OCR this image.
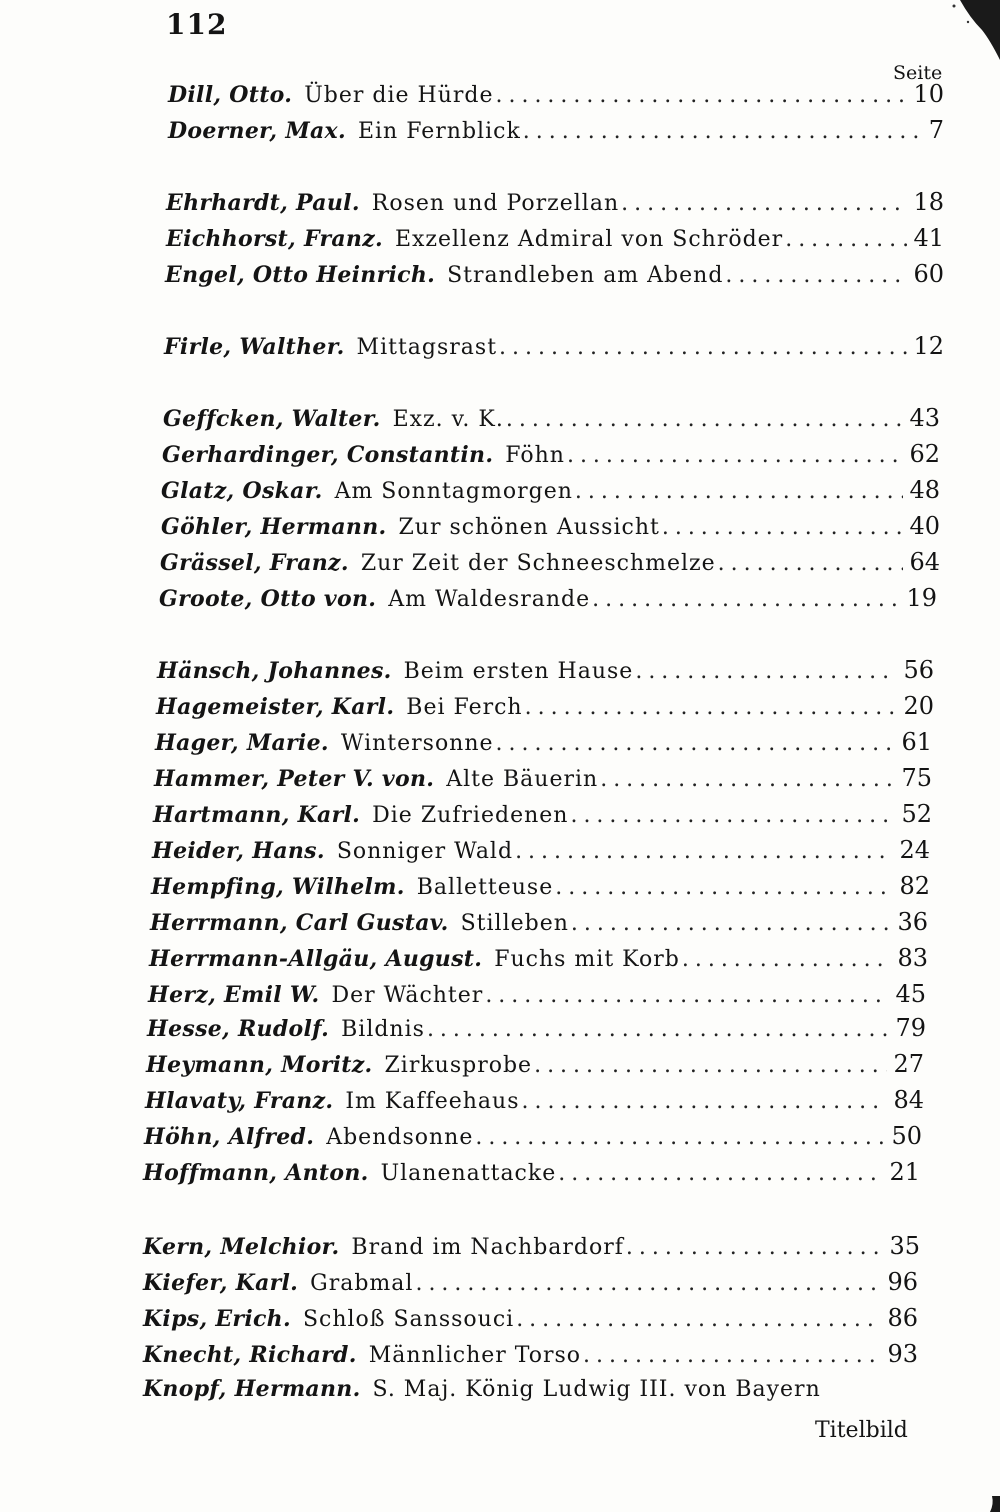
112
Seite
Dill, Otto. Über die Hürde . . .	10
Doerner, Max. Ein Fernblick . . .	7
Ehrhardt, Paul. Rosen und Porzellan . . .	18
Eichhorst, Franz. Exzellenz Admiral von Schröder . . .	41
Engel, Otto Heinrich. Strandleben am Abend . . .	60
Firle, Walther. Mittagsrast . . .	12
Geffcken, Walter. Exz. v. K. . . .	43
Gerhardinger, Constantin. Föhn . . .	62
Glatz, Oskar. Am Sonntagmorgen . . .	48
Göhler, Hermann. Zur schönen Aussicht . . .	40
Grässel, Franz. Zur Zeit der Schneeschmelze . . .	64
Groote, Otto von. Am Waldesrande . . .	19
Hänsch, Johannes. Beim ersten Hause . . .	56
Hagemeister, Karl. Bei Ferch . . .	20
Hager, Marie. Wintersonne . . .	61
Hammer, Peter V. von. Alte Bäuerin . . .	75
Hartmann, Karl. Die Zufriedenen . . .	52
Heider, Hans. Sonniger Wald . . .	24
Hempfing, Wilhelm. Balletteuse . . .	82
Herrmann, Carl Gustav. Stilleben . . .	36
Herrmann-Allgäu, August. Fuchs mit Korb . . .	83
Herz, Emil W. Der Wächter . . .	45
Hesse, Rudolf. Bildnis . . .	79
Heymann, Moritz. Zirkusprobe . . .	27
Hlavaty, Franz. Im Kaffeehaus . . .	84
Höhn, Alfred. Abendsonne . . .	50
Hoffmann, Anton. Ulanenattacke . . .	21
Kern, Melchior. Brand im Nachbardorf . . .	35
Kiefer, Karl. Grabmal . . .	96
Kips, Erich. Schloß Sanssouci . . .	86
Knecht, Richard. Männlicher Torso . . .	93
Knopf, Hermann. S. Maj. König Ludwig III. von Bayern
Titelbild
